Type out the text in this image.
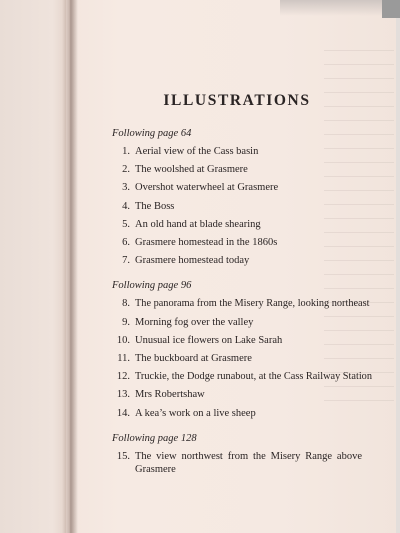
ILLUSTRATIONS

Following page 64

1. Aerial view of the Cass basin
2. The woolshed at Grasmere
3. Overshot waterwheel at Grasmere
4. The Boss
5. An old hand at blade shearing
6. Grasmere homestead in the 1860s
7. Grasmere homestead today

Following page 96

8. The panorama from the Misery Range, looking northeast
9. Morning fog over the valley
10. Unusual ice flowers on Lake Sarah
11. The buckboard at Grasmere
12. Truckie, the Dodge runabout, at the Cass Railway Station
13. Mrs Robertshaw
14. A kea’s work on a live sheep

Following page 128

15. The view northwest from the Misery Range above Grasmere
